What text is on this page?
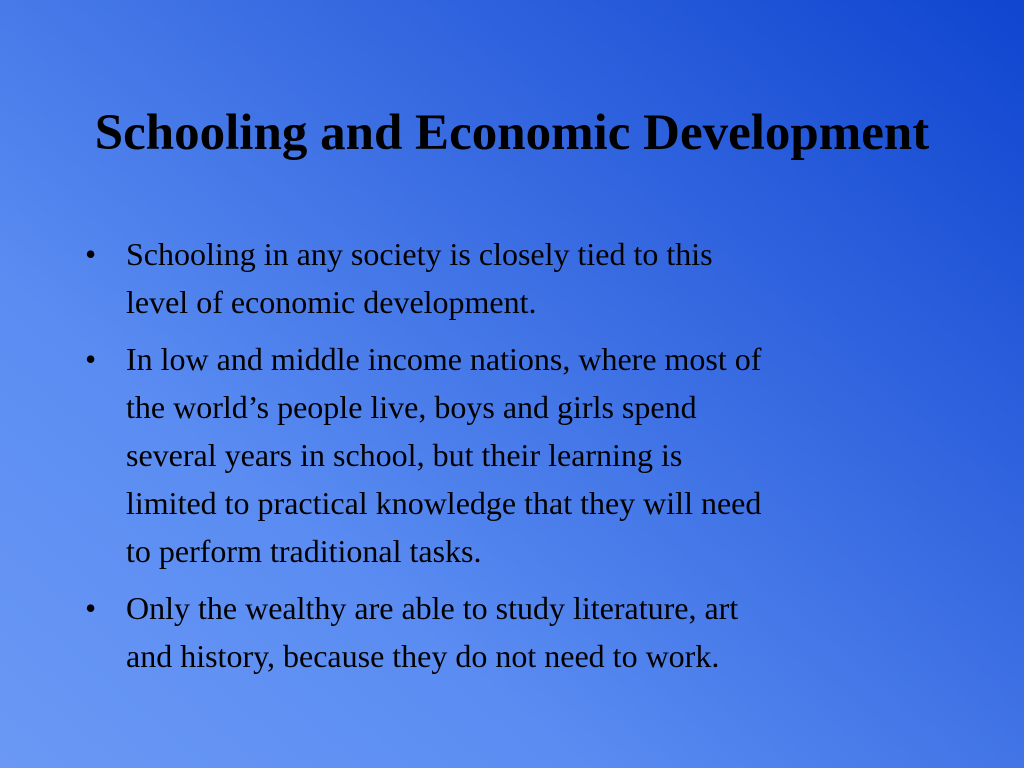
Schooling and Economic Development
• Schooling in any society is closely tied to this
level of economic development.
• In low and middle income nations, where most of
the world’s people live, boys and girls spend
several years in school, but their learning is
limited to practical knowledge that they will need
to perform traditional tasks.
• Only the wealthy are able to study literature, art
and history, because they do not need to work.
